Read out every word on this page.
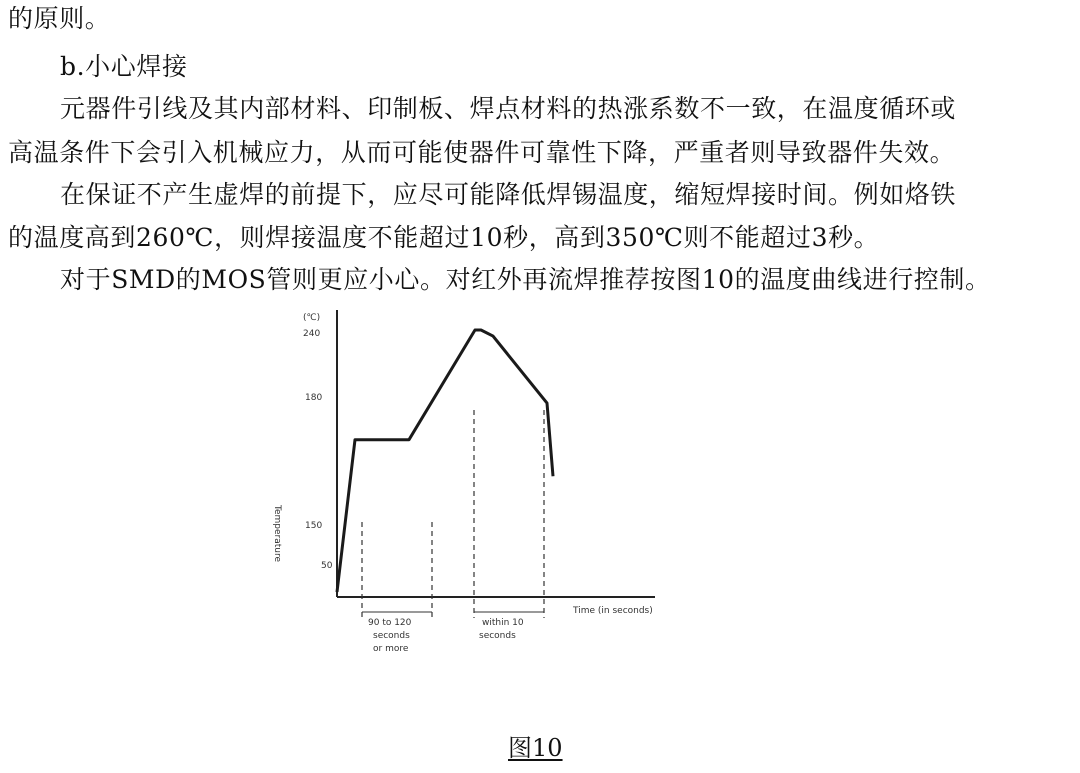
的原则。
b.小心焊接
元器件引线及其内部材料、印制板、焊点材料的热涨系数不一致，在温度循环或
高温条件下会引入机械应力，从而可能使器件可靠性下降，严重者则导致器件失效。
在保证不产生虚焊的前提下，应尽可能降低焊锡温度，缩短焊接时间。例如烙铁
的温度高到260℃，则焊接温度不能超过10秒，高到350℃则不能超过3秒。
对于SMD的MOS管则更应小心。对红外再流焊推荐按图10的温度曲线进行控制。
(℃)
240
180
150
50
Temperature
90 to 120
seconds
or more
within 10
seconds
Time (in seconds)
图10
